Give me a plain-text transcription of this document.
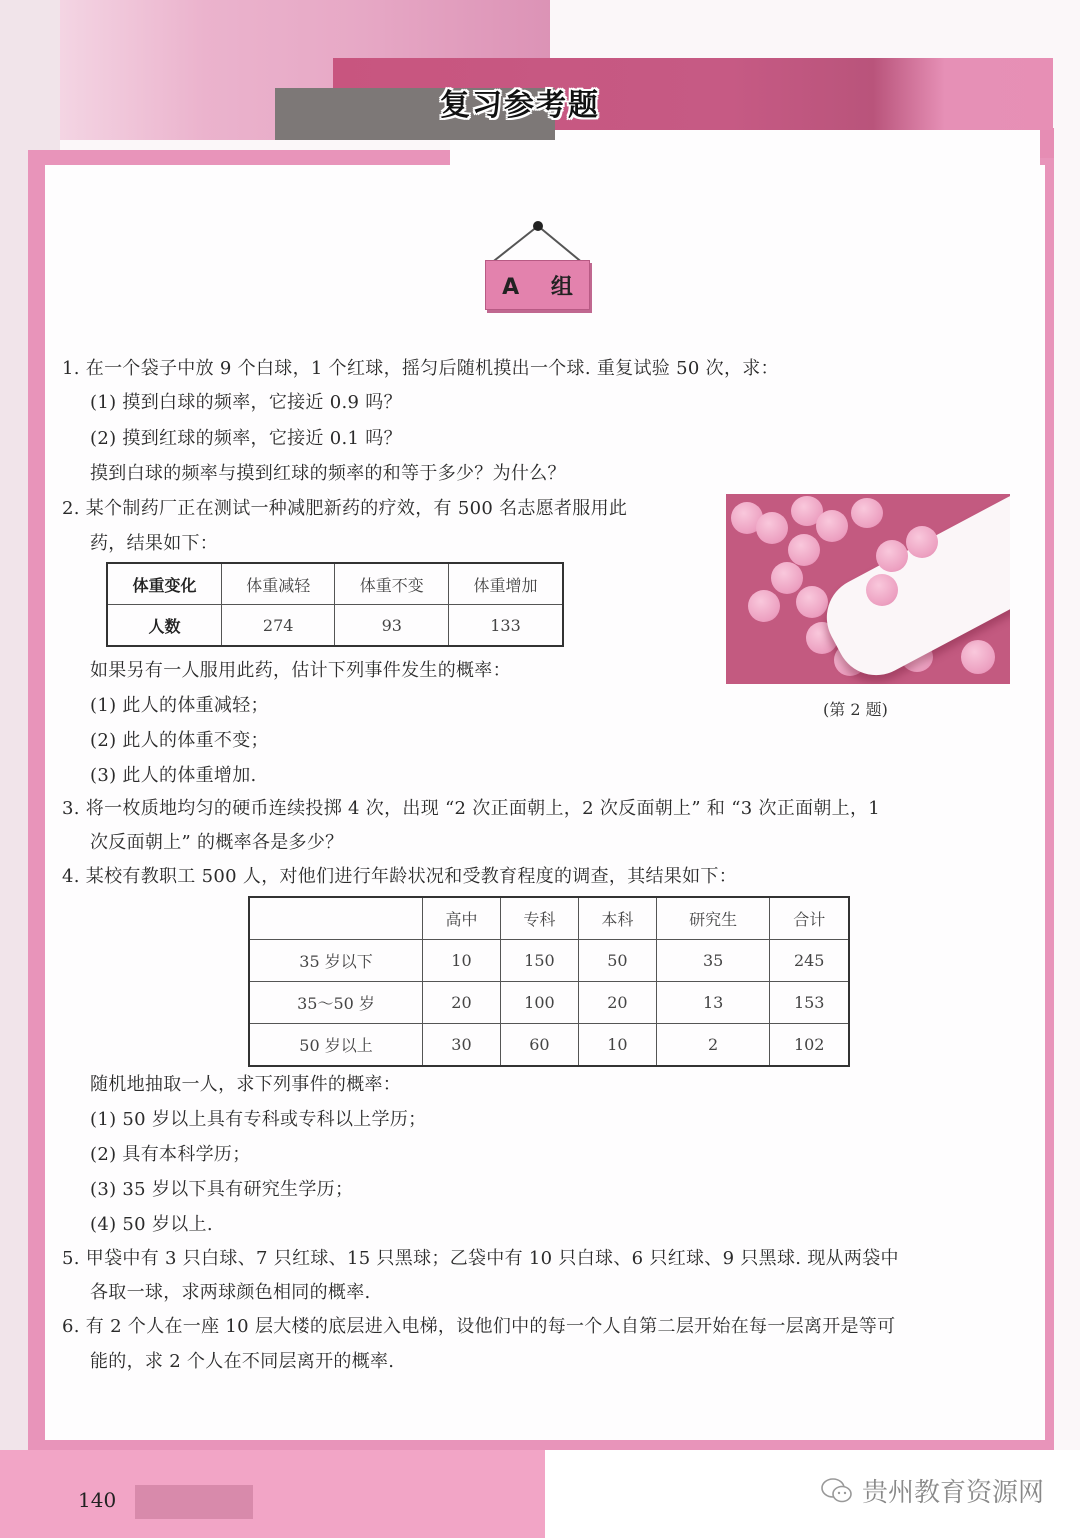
复习参考题
A 组
1. 在一个袋子中放 9 个白球，1 个红球，摇匀后随机摸出一个球. 重复试验 50 次，求：
(1) 摸到白球的频率，它接近 0.9 吗？
(2) 摸到红球的频率，它接近 0.1 吗？
摸到白球的频率与摸到红球的频率的和等于多少？为什么？
2. 某个制药厂正在测试一种减肥新药的疗效，有 500 名志愿者服用此
药，结果如下：
体重变化	体重减轻	体重不变	体重增加
人数	274	93	133
如果另有一人服用此药，估计下列事件发生的概率：
(1) 此人的体重减轻；
(2) 此人的体重不变；
(3) 此人的体重增加.
(第 2 题)
3. 将一枚质地均匀的硬币连续投掷 4 次，出现 “2 次正面朝上，2 次反面朝上” 和 “3 次正面朝上，1
次反面朝上” 的概率各是多少？
4. 某校有教职工 500 人，对他们进行年龄状况和受教育程度的调查，其结果如下：
	高中	专科	本科	研究生	合计
35 岁以下	10	150	50	35	245
35～50 岁	20	100	20	13	153
50 岁以上	30	60	10	2	102
随机地抽取一人，求下列事件的概率：
(1) 50 岁以上具有专科或专科以上学历；
(2) 具有本科学历；
(3) 35 岁以下具有研究生学历；
(4) 50 岁以上.
5. 甲袋中有 3 只白球、7 只红球、15 只黑球；乙袋中有 10 只白球、6 只红球、9 只黑球. 现从两袋中
各取一球，求两球颜色相同的概率.
6. 有 2 个人在一座 10 层大楼的底层进入电梯，设他们中的每一个人自第二层开始在每一层离开是等可
能的，求 2 个人在不同层离开的概率.
140	贵州教育资源网
